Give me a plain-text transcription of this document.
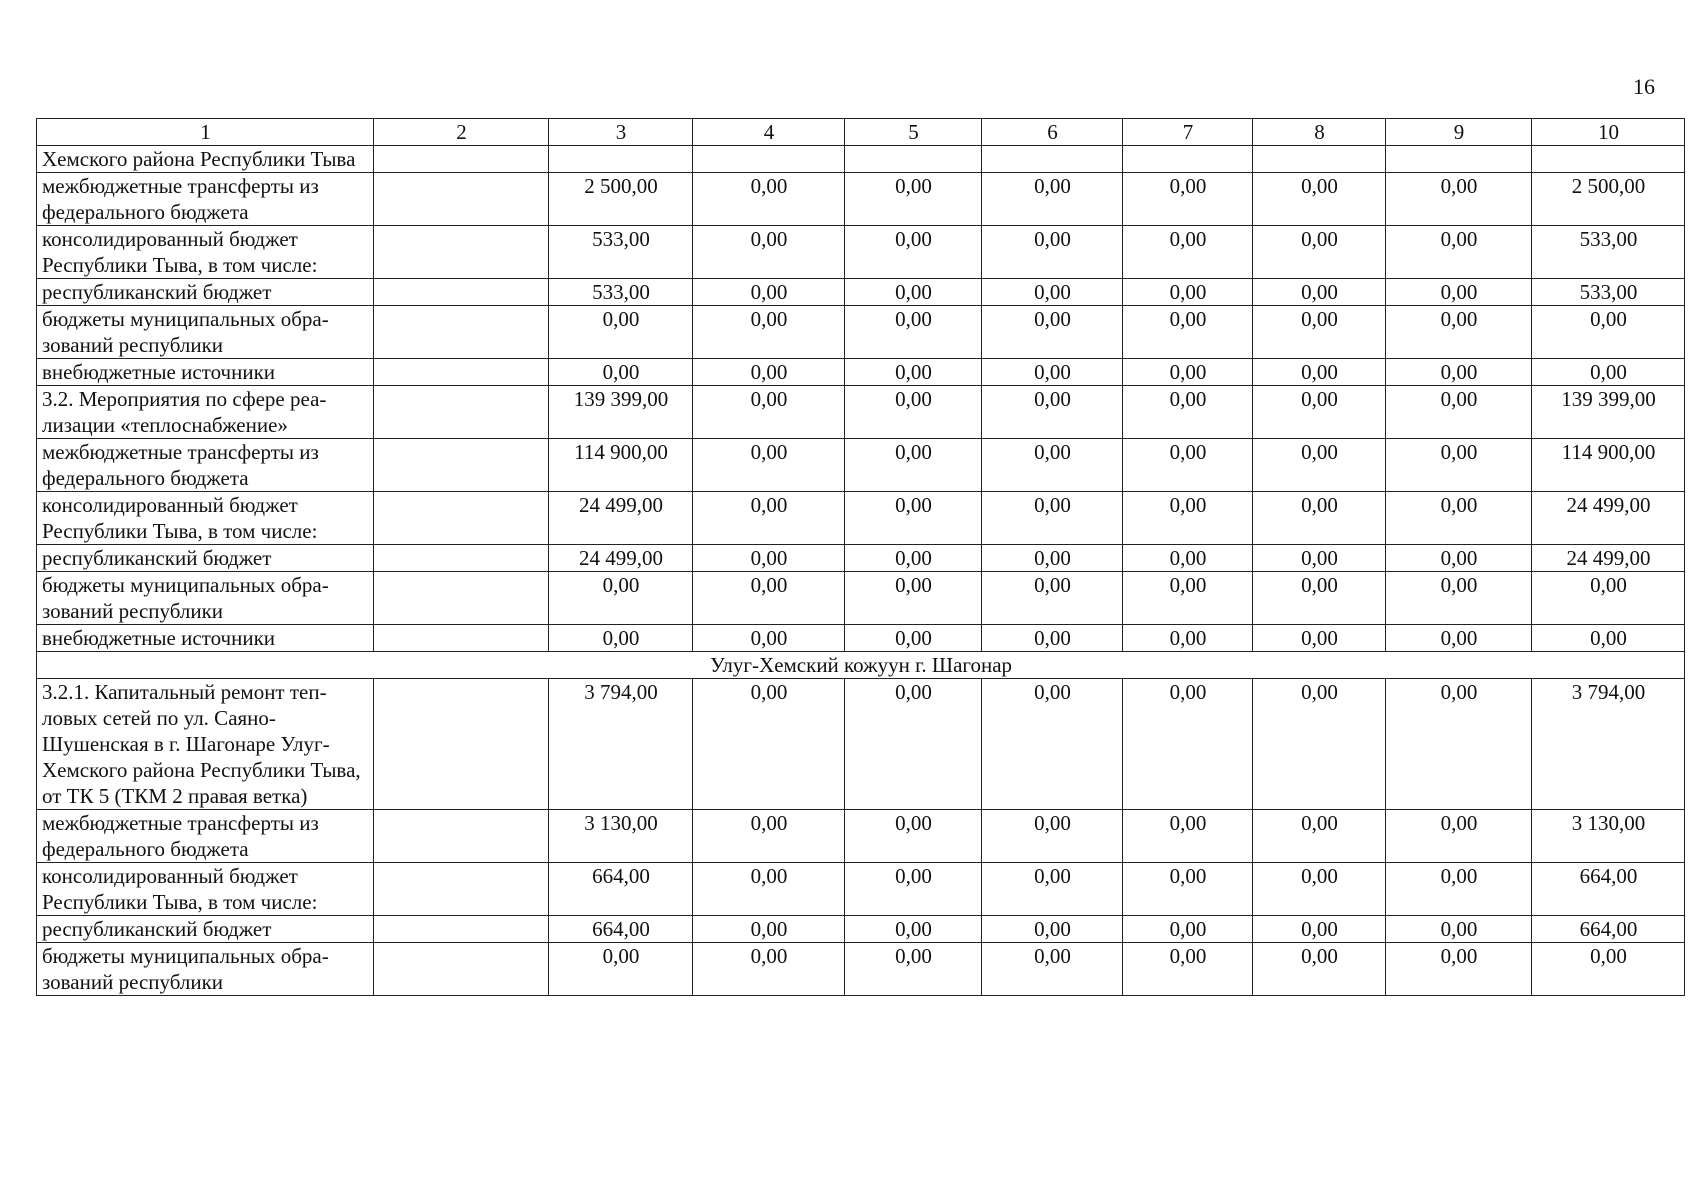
16
1	2	3	4	5	6	7	8	9	10
Хемского района Республики Тыва									
межбюджетные трансферты из федерального бюджета		2 500,00	0,00	0,00	0,00	0,00	0,00	0,00	2 500,00
консолидированный бюджет Республики Тыва, в том числе:		533,00	0,00	0,00	0,00	0,00	0,00	0,00	533,00
республиканский бюджет		533,00	0,00	0,00	0,00	0,00	0,00	0,00	533,00
бюджеты муниципальных обра- зований республики		0,00	0,00	0,00	0,00	0,00	0,00	0,00	0,00
внебюджетные источники		0,00	0,00	0,00	0,00	0,00	0,00	0,00	0,00
3.2. Мероприятия по сфере реа- лизации «теплоснабжение»		139 399,00	0,00	0,00	0,00	0,00	0,00	0,00	139 399,00
межбюджетные трансферты из федерального бюджета		114 900,00	0,00	0,00	0,00	0,00	0,00	0,00	114 900,00
консолидированный бюджет Республики Тыва, в том числе:		24 499,00	0,00	0,00	0,00	0,00	0,00	0,00	24 499,00
республиканский бюджет		24 499,00	0,00	0,00	0,00	0,00	0,00	0,00	24 499,00
бюджеты муниципальных обра- зований республики		0,00	0,00	0,00	0,00	0,00	0,00	0,00	0,00
внебюджетные источники		0,00	0,00	0,00	0,00	0,00	0,00	0,00	0,00
Улуг-Хемский кожуун г. Шагонар									
3.2.1. Капитальный ремонт теп- ловых сетей по ул. Саяно- Шушенская в г. Шагонаре Улуг- Хемского района Республики Тыва, от ТК 5 (ТКМ 2 правая ветка)		3 794,00	0,00	0,00	0,00	0,00	0,00	0,00	3 794,00
межбюджетные трансферты из федерального бюджета		3 130,00	0,00	0,00	0,00	0,00	0,00	0,00	3 130,00
консолидированный бюджет Республики Тыва, в том числе:		664,00	0,00	0,00	0,00	0,00	0,00	0,00	664,00
республиканский бюджет		664,00	0,00	0,00	0,00	0,00	0,00	0,00	664,00
бюджеты муниципальных обра- зований республики		0,00	0,00	0,00	0,00	0,00	0,00	0,00	0,00
